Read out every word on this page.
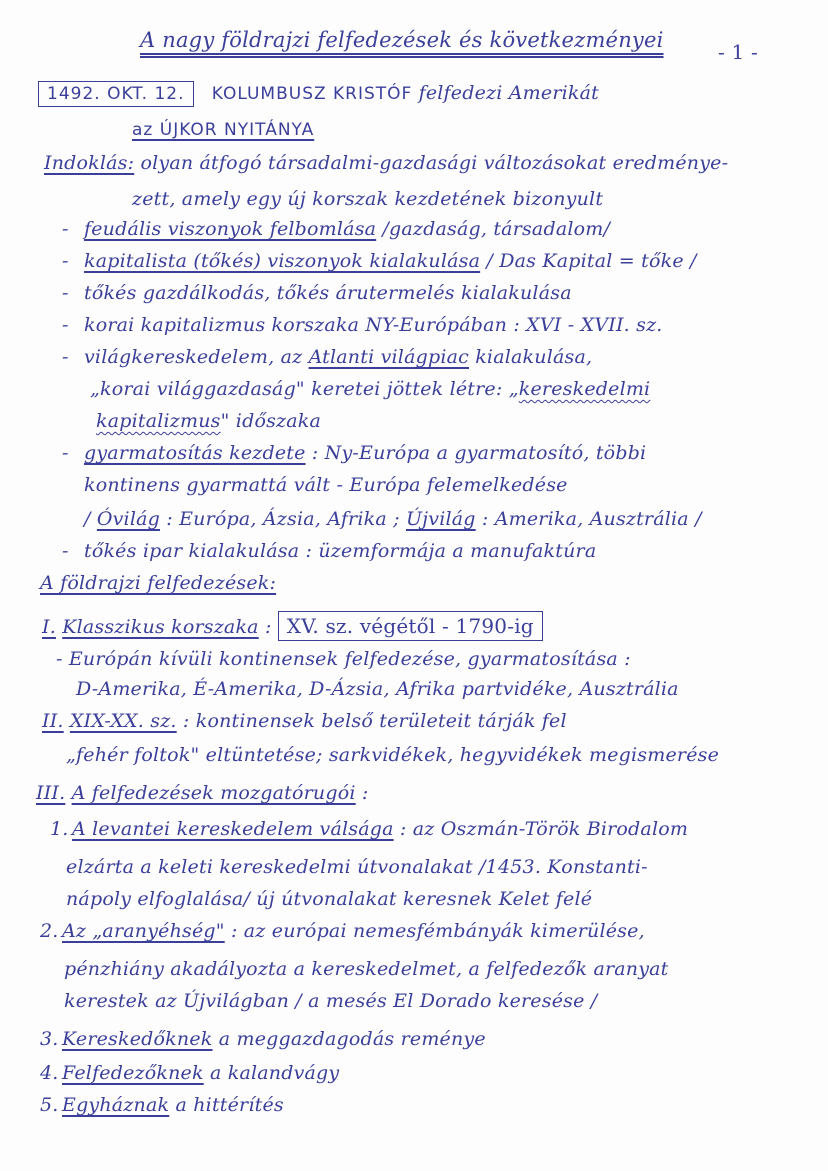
A nagy földrajzi felfedezések és következményei	- 1 -
1492. OKT. 12. KOLUMBUSZ KRISTÓF felfedezi Amerikát
az ÚJKOR NYITÁNYA
Indoklás: olyan átfogó társadalmi-gazdasági változásokat eredménye-
zett, amely egy új korszak kezdetének bizonyult
- feudális viszonyok felbomlása /gazdaság, társadalom/
- kapitalista (tőkés) viszonyok kialakulása / Das Kapital = tőke /
- tőkés gazdálkodás, tőkés árutermelés kialakulása
- korai kapitalizmus korszaka NY-Európában : XVI - XVII. sz.
- világkereskedelem, az Atlanti világpiac kialakulása,
„korai világgazdaság" keretei jöttek létre: „kereskedelmi
kapitalizmus" időszaka
- gyarmatosítás kezdete : Ny-Európa a gyarmatosító, többi
kontinens gyarmattá vált - Európa felemelkedése
/ Óvilág : Európa, Ázsia, Afrika ; Újvilág : Amerika, Ausztrália /
- tőkés ipar kialakulása : üzemformája a manufaktúra
A földrajzi felfedezések:
I. Klasszikus korszaka : XV. sz. végétől - 1790-ig
- Európán kívüli kontinensek felfedezése, gyarmatosítása :
D-Amerika, É-Amerika, D-Ázsia, Afrika partvidéke, Ausztrália
II. XIX-XX. sz. : kontinensek belső területeit tárják fel
„fehér foltok" eltüntetése; sarkvidékek, hegyvidékek megismerése
III. A felfedezések mozgatórugói :
1. A levantei kereskedelem válsága : az Oszmán-Török Birodalom
elzárta a keleti kereskedelmi útvonalakat /1453. Konstanti-
nápoly elfoglalása/ új útvonalakat keresnek Kelet felé
2. Az „aranyéhség" : az európai nemesfémbányák kimerülése,
pénzhiány akadályozta a kereskedelmet, a felfedezők aranyat
kerestek az Újvilágban / a mesés El Dorado keresése /
3. Kereskedőknek a meggazdagodás reménye
4. Felfedezőknek a kalandvágy
5. Egyháznak a hittérítés
